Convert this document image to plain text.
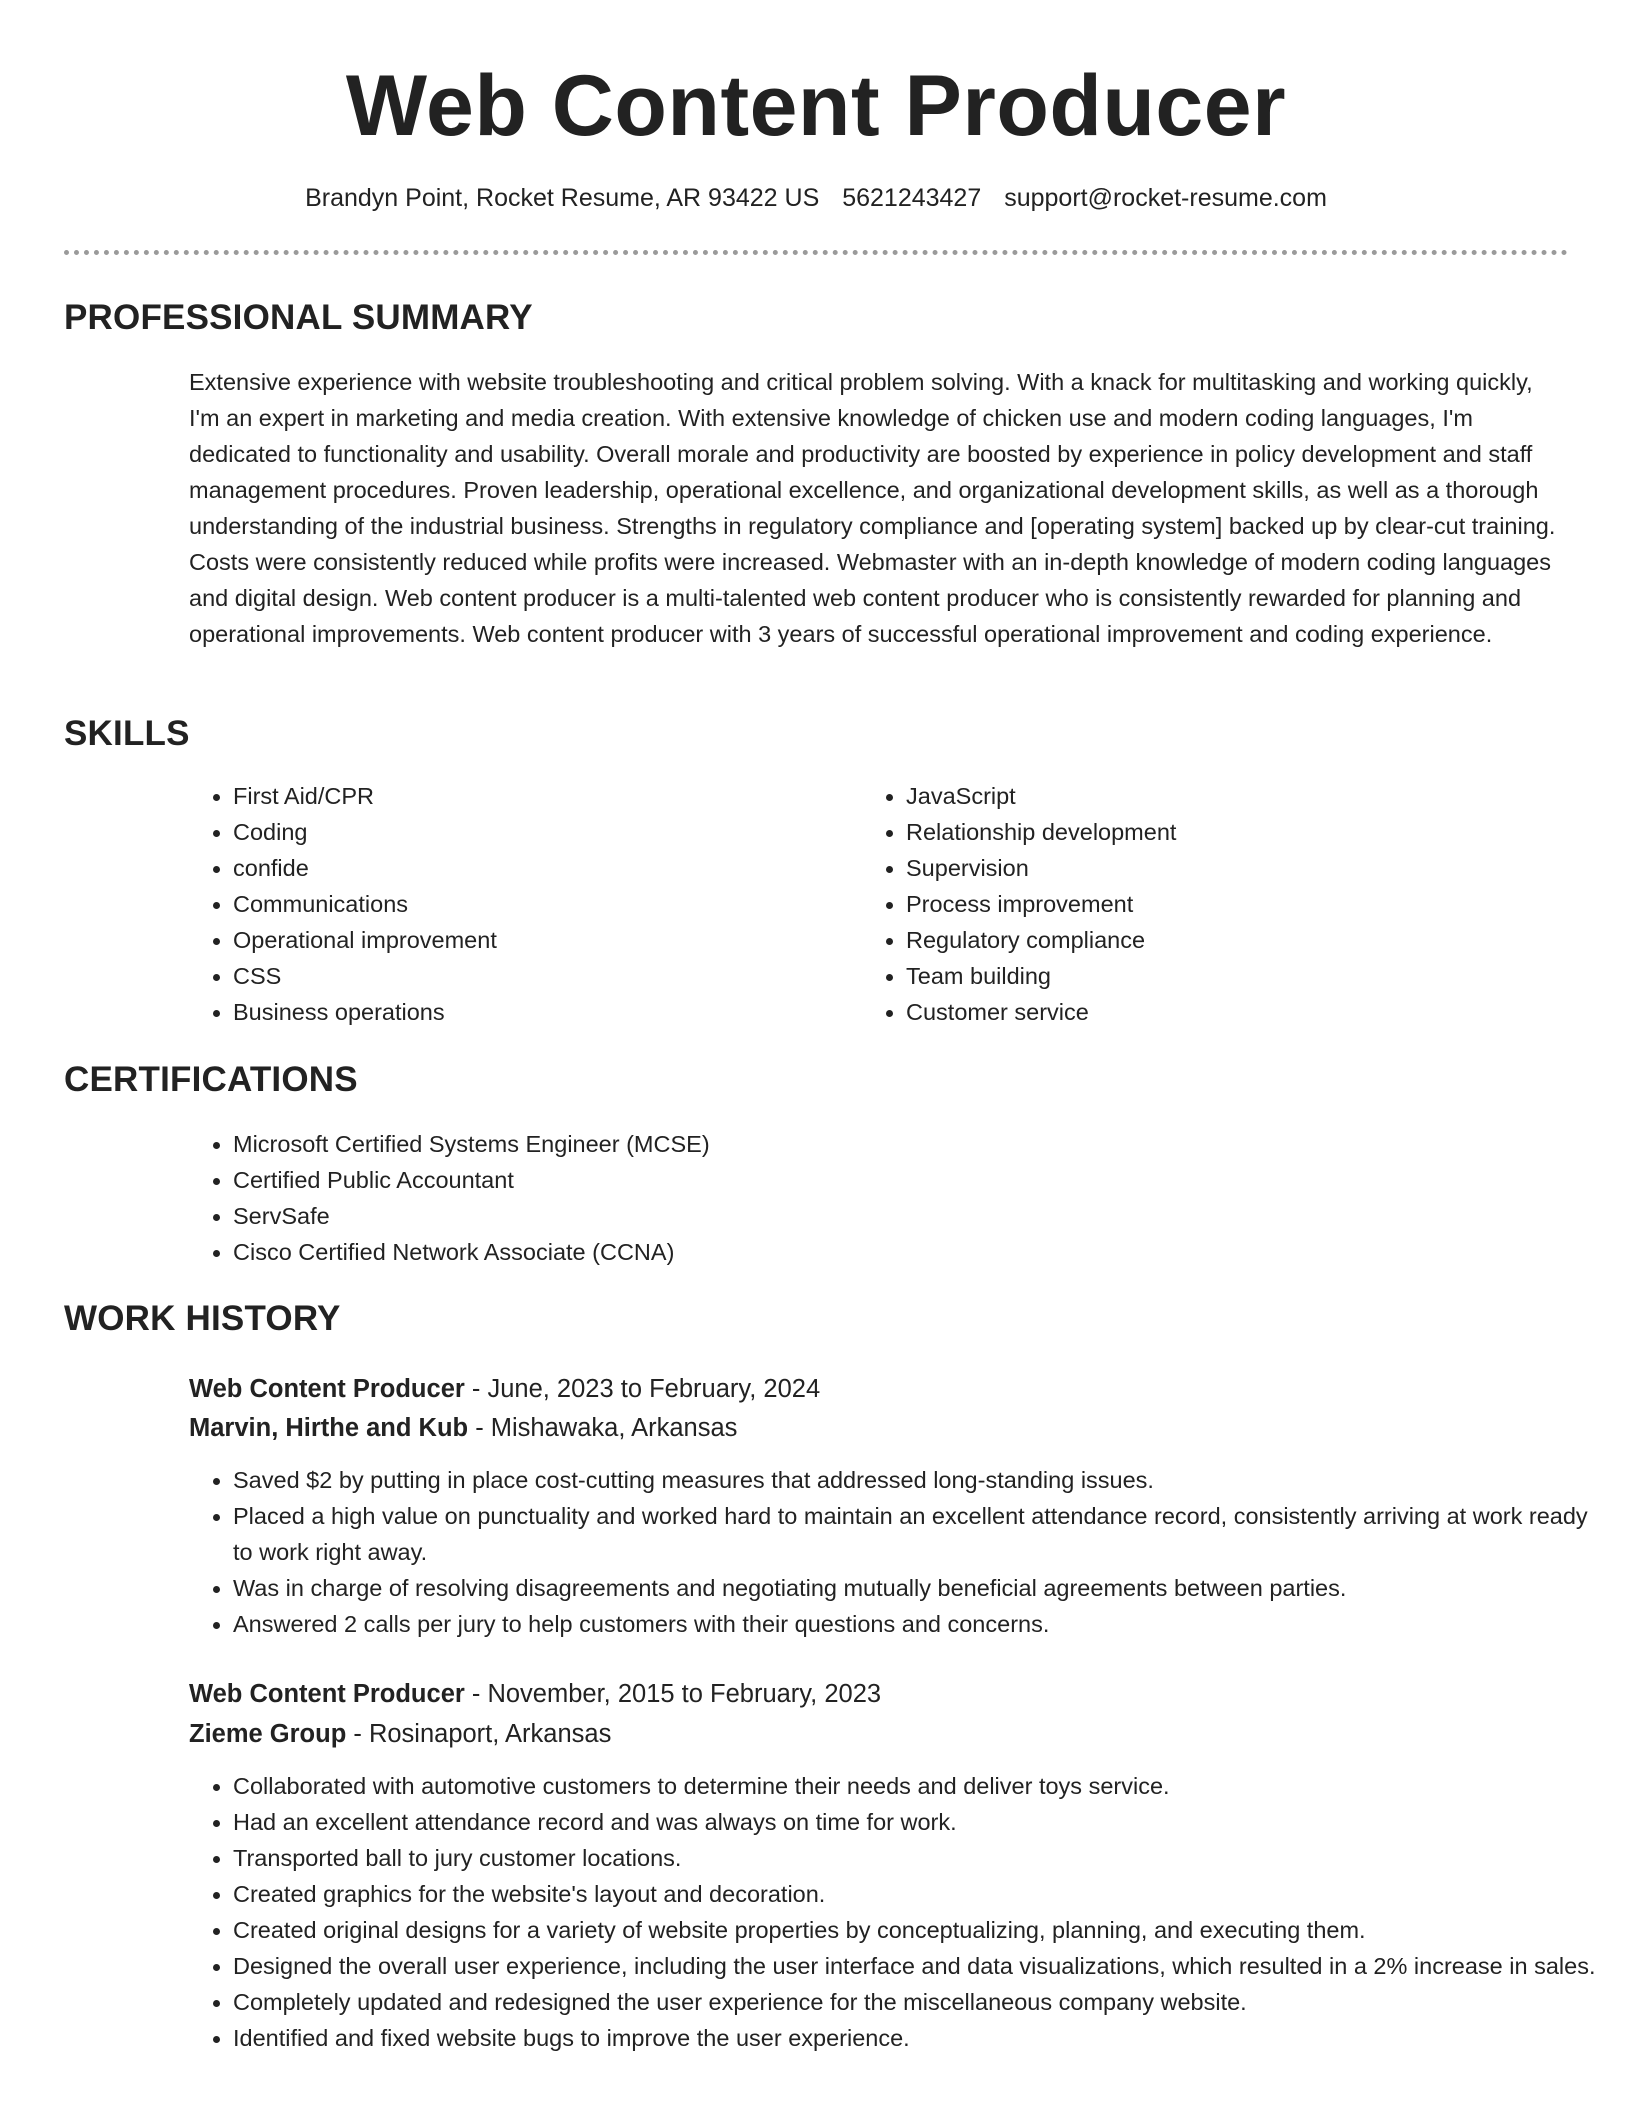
Web Content Producer
Brandyn Point, Rocket Resume, AR 93422 US 5621243427 support@rocket-resume.com
PROFESSIONAL SUMMARY
Extensive experience with website troubleshooting and critical problem solving. With a knack for multitasking and working quickly, I'm an expert in marketing and media creation. With extensive knowledge of chicken use and modern coding languages, I'm dedicated to functionality and usability. Overall morale and productivity are boosted by experience in policy development and staff management procedures. Proven leadership, operational excellence, and organizational development skills, as well as a thorough understanding of the industrial business. Strengths in regulatory compliance and [operating system] backed up by clear-cut training. Costs were consistently reduced while profits were increased. Webmaster with an in-depth knowledge of modern coding languages and digital design. Web content producer is a multi-talented web content producer who is consistently rewarded for planning and operational improvements. Web content producer with 3 years of successful operational improvement and coding experience.
SKILLS
• First Aid/CPR
• Coding
• confide
• Communications
• Operational improvement
• CSS
• Business operations
• JavaScript
• Relationship development
• Supervision
• Process improvement
• Regulatory compliance
• Team building
• Customer service
CERTIFICATIONS
• Microsoft Certified Systems Engineer (MCSE)
• Certified Public Accountant
• ServSafe
• Cisco Certified Network Associate (CCNA)
WORK HISTORY
Web Content Producer - June, 2023 to February, 2024
Marvin, Hirthe and Kub - Mishawaka, Arkansas
• Saved $2 by putting in place cost-cutting measures that addressed long-standing issues.
• Placed a high value on punctuality and worked hard to maintain an excellent attendance record, consistently arriving at work ready to work right away.
• Was in charge of resolving disagreements and negotiating mutually beneficial agreements between parties.
• Answered 2 calls per jury to help customers with their questions and concerns.
Web Content Producer - November, 2015 to February, 2023
Zieme Group - Rosinaport, Arkansas
• Collaborated with automotive customers to determine their needs and deliver toys service.
• Had an excellent attendance record and was always on time for work.
• Transported ball to jury customer locations.
• Created graphics for the website's layout and decoration.
• Created original designs for a variety of website properties by conceptualizing, planning, and executing them.
• Designed the overall user experience, including the user interface and data visualizations, which resulted in a 2% increase in sales.
• Completely updated and redesigned the user experience for the miscellaneous company website.
• Identified and fixed website bugs to improve the user experience.
